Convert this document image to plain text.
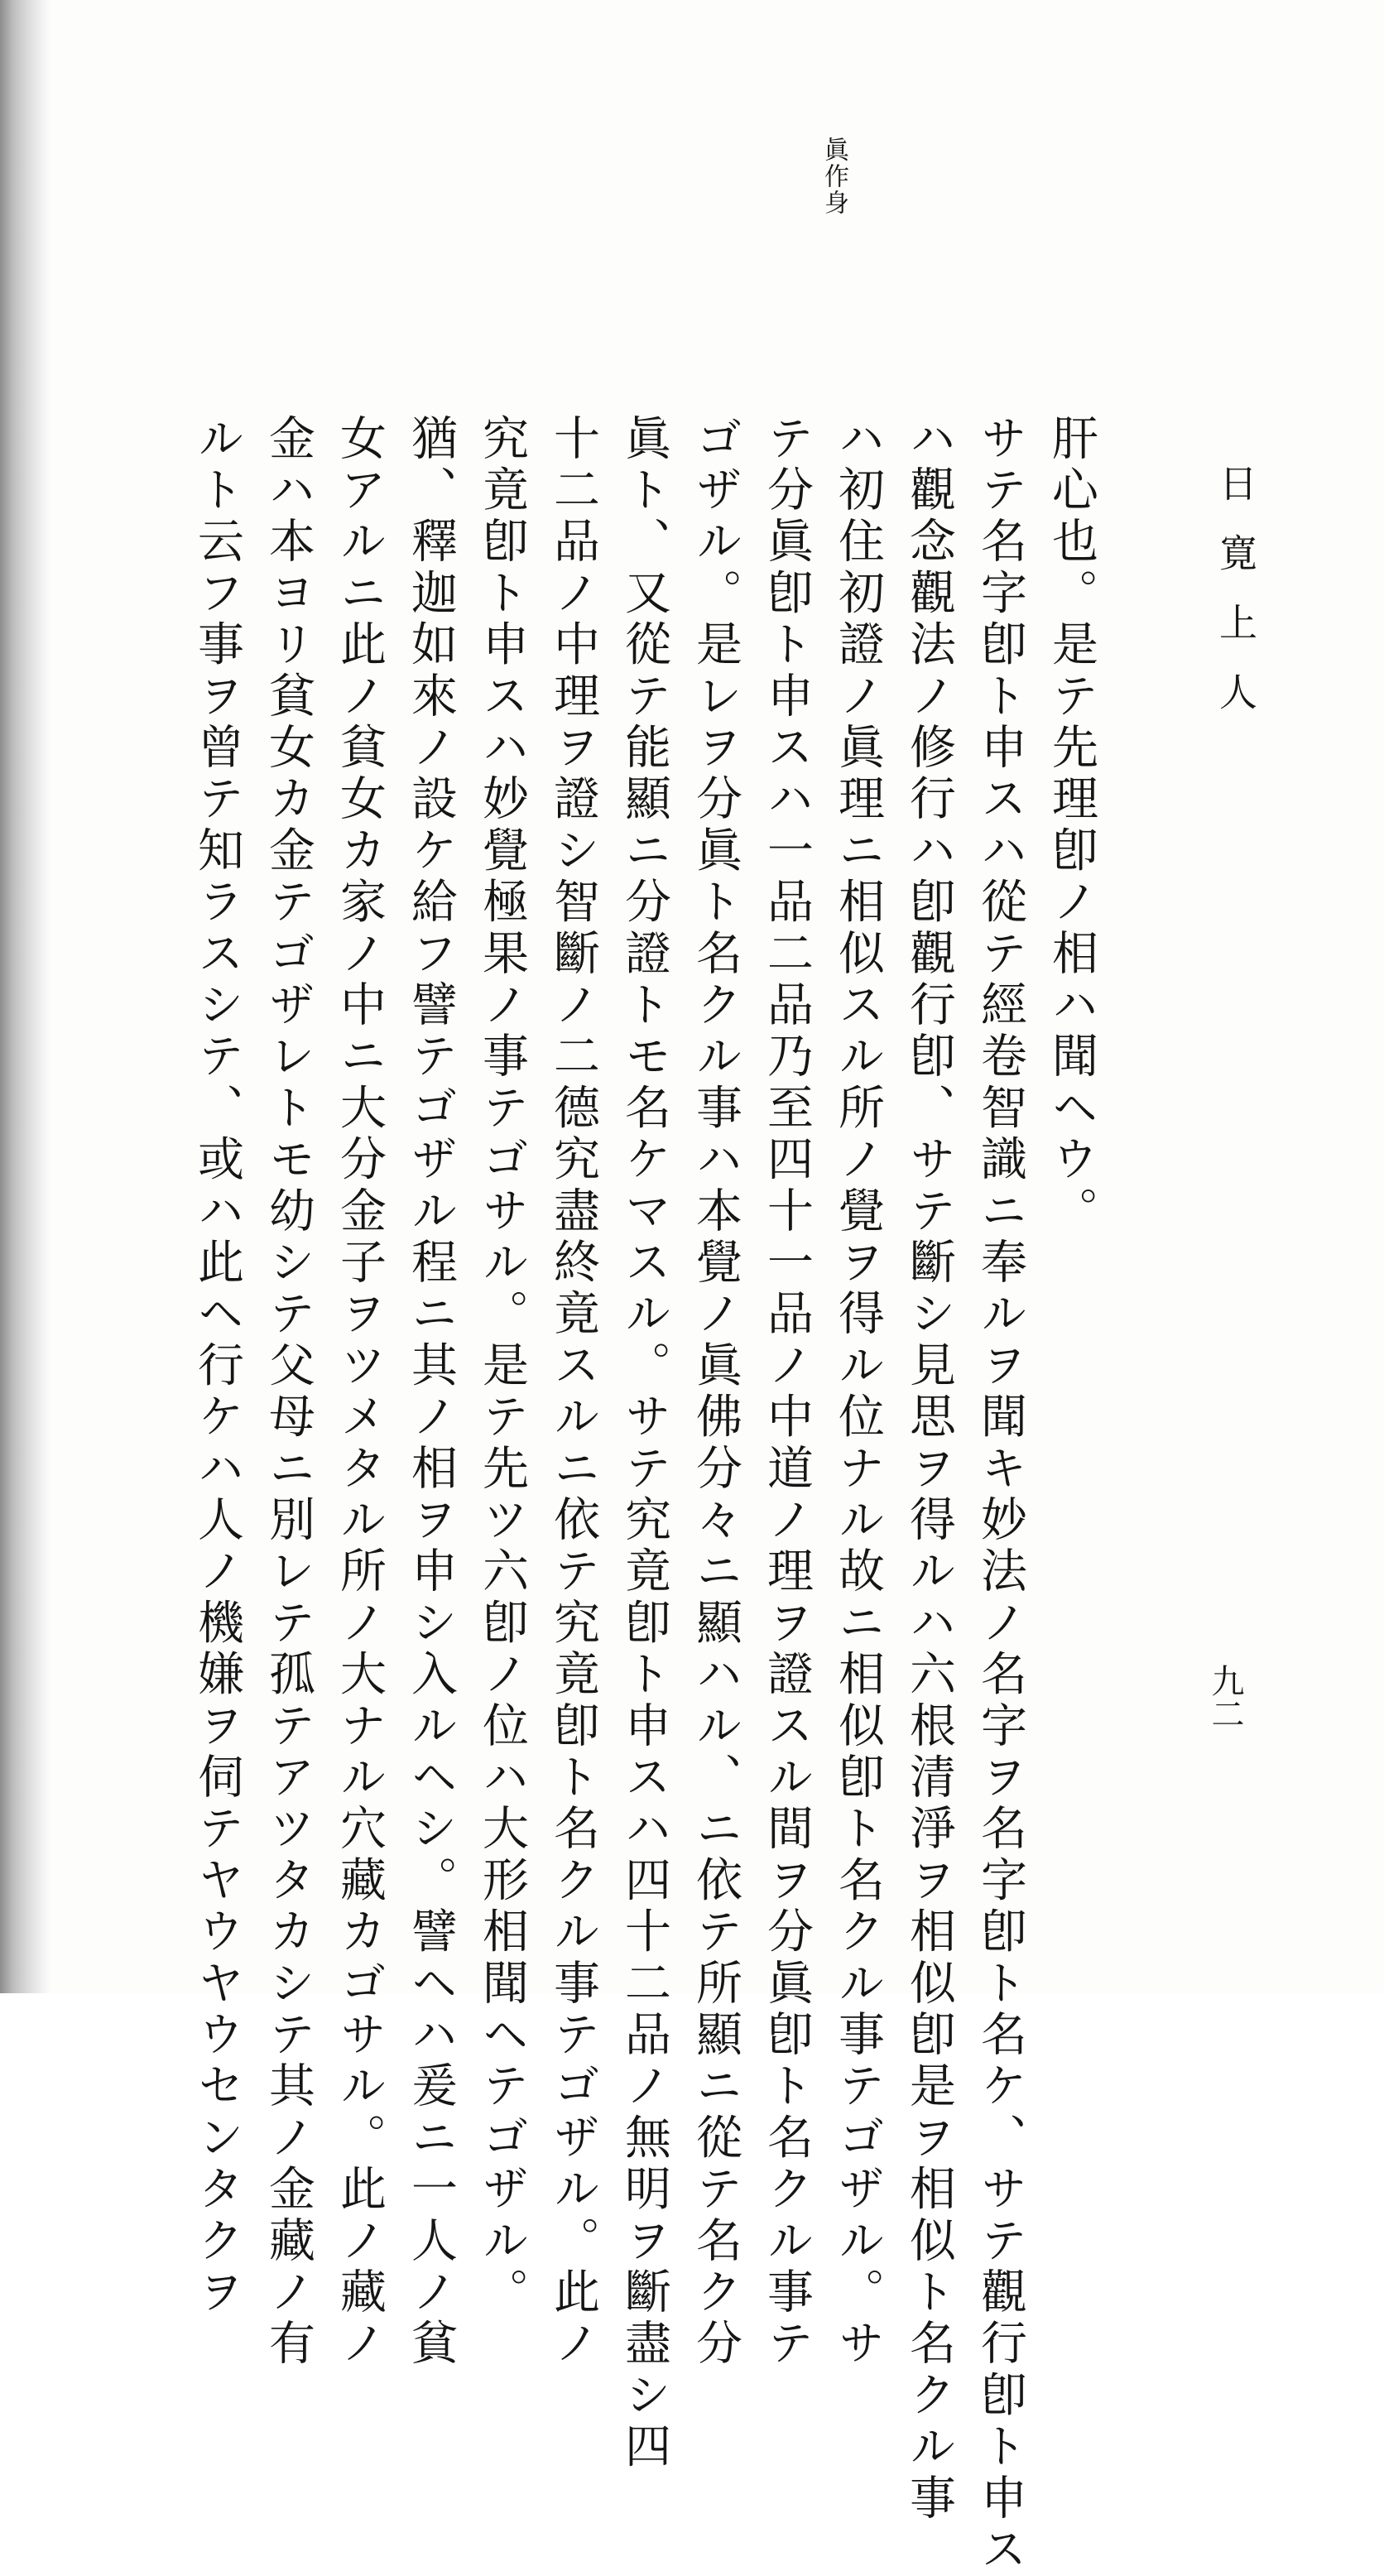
日寛上人
九二
眞作身
肝心也。是テ先理卽ノ相ハ聞ヘウ。
サテ名字卽ト申スハ從テ經卷智識ニ奉ルヲ聞キ妙法ノ名字ヲ名字卽ト名ケ、サテ觀行卽ト申ス
ハ觀念觀法ノ修行ハ卽觀行卽、サテ斷シ見思ヲ得ルハ六根清淨ヲ相似卽是ヲ相似ト名クル事
ハ初住初證ノ眞理ニ相似スル所ノ覺ヲ得ル位ナル故ニ相似卽ト名クル事テゴザル。サ
テ分眞卽ト申スハ一品二品乃至四十一品ノ中道ノ理ヲ證スル間ヲ分眞卽ト名クル事テ
ゴザル。是レヲ分眞ト名クル事ハ本覺ノ眞佛分々ニ顯ハル、ニ依テ所顯ニ從テ名ク分
眞ト、又從テ能顯ニ分證トモ名ケマスル。サテ究竟卽ト申スハ四十二品ノ無明ヲ斷盡シ四
十二品ノ中理ヲ證シ智斷ノ二德究盡終竟スルニ依テ究竟卽ト名クル事テゴザル。此ノ
究竟卽ト申スハ妙覺極果ノ事テゴサル。是テ先ツ六卽ノ位ハ大形相聞ヘテゴザル。
猶、釋迦如來ノ設ケ給フ譬テゴザル程ニ其ノ相ヲ申シ入ルヘシ。譬ヘハ爰ニ一人ノ貧
女アルニ此ノ貧女カ家ノ中ニ大分金子ヲツメタル所ノ大ナル穴藏カゴサル。此ノ藏ノ
金ハ本ヨリ貧女カ金テゴザレトモ幼シテ父母ニ別レテ孤テアツタカシテ其ノ金藏ノ有
ルト云フ事ヲ曾テ知ラスシテ、或ハ此ヘ行ケハ人ノ機嫌ヲ伺テヤウヤウセンタクヲ
